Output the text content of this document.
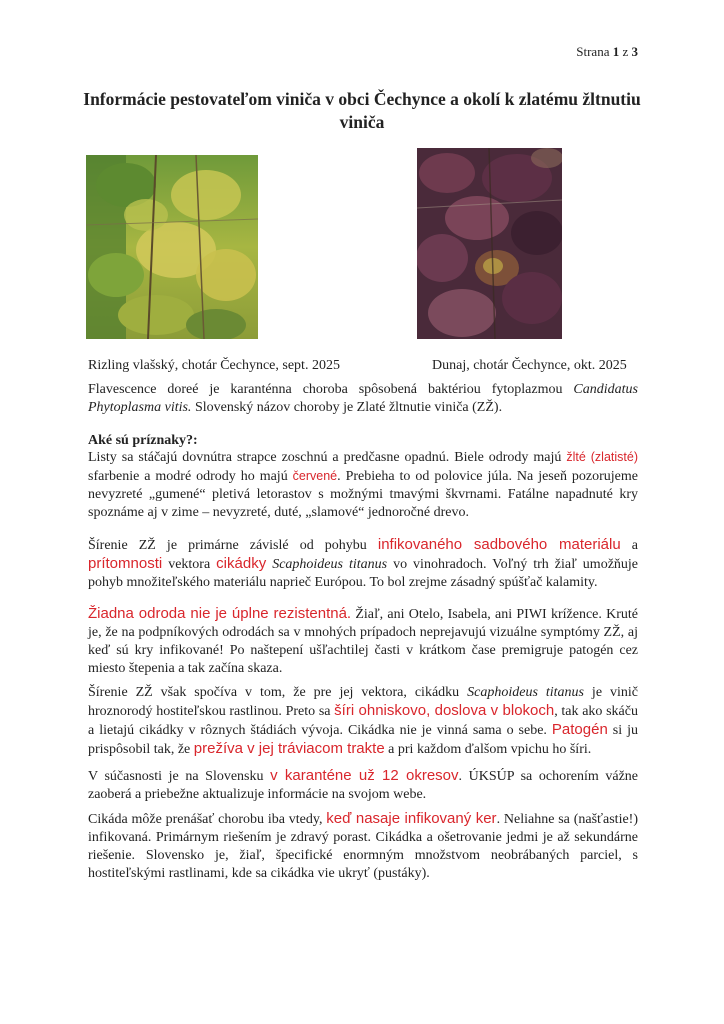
Strana 1 z 3
Informácie pestovateľom viniča v obci Čechynce a okolí k zlatému žltnutiu viniča
Rizling vlašský, chotár Čechynce, sept. 2025	Dunaj, chotár Čechynce, okt. 2025

Flavescence doreé je karanténna choroba spôsobená baktériou fytoplazmou Candidatus Phytoplasma vitis. Slovenský názov choroby je Zlaté žltnutie viniča (ZŽ).

Aké sú príznaky?:

Listy sa stáčajú dovnútra strapce zoschnú a predčasne opadnú. Biele odrody majú žlté (zlatisté) sfarbenie a modré odrody ho majú červené. Prebieha to od polovice júla. Na jeseň pozorujeme nevyzreté „gumené“ pletivá letorastov s možnými tmavými škvrnami. Fatálne napadnuté kry spoznáme aj v zime – nevyzreté, duté, „slamové“ jednoročné drevo.

Šírenie ZŽ je primárne závislé od pohybu infikovaného sadbového materiálu a prítomnosti vektora cikádky Scaphoideus titanus vo vinohradoch. Voľný trh žiaľ umožňuje pohyb množiteľského materiálu naprieč Európou. To bol zrejme zásadný spúšťač kalamity.

Žiadna odroda nie je úplne rezistentná. Žiaľ, ani Otelo, Isabela, ani PIWI krížence. Kruté je, že na podpníkových odrodách sa v mnohých prípadoch neprejavujú vizuálne symptómy ZŽ, aj keď sú kry infikované! Po naštepení ušľachtilej časti v krátkom čase premigruje patogén cez miesto štepenia a tak začína skaza.

Šírenie ZŽ však spočíva v tom, že pre jej vektora, cikádku Scaphoideus titanus je vinič hroznorodý hostiteľskou rastlinou. Preto sa šíri ohniskovo, doslova v blokoch, tak ako skáču a lietajú cikádky v rôznych štádiách vývoja. Cikádka nie je vinná sama o sebe. Patogén si ju prispôsobil tak, že prežíva v jej tráviacom trakte a pri každom ďalšom vpichu ho šíri.

V súčasnosti je na Slovensku v karanténe už 12 okresov. ÚKSÚP sa ochorením vážne zaoberá a priebežne aktualizuje informácie na svojom webe.

Cikáda môže prenášať chorobu iba vtedy, keď nasaje infikovaný ker. Neliahne sa (našťastie!) infikovaná. Primárnym riešením je zdravý porast. Cikádka a ošetrovanie jedmi je až sekundárne riešenie. Slovensko je, žiaľ, špecifické enormným množstvom neobrábaných parciel, s hostiteľskými rastlinami, kde sa cikádka vie ukryť (pustáky).
